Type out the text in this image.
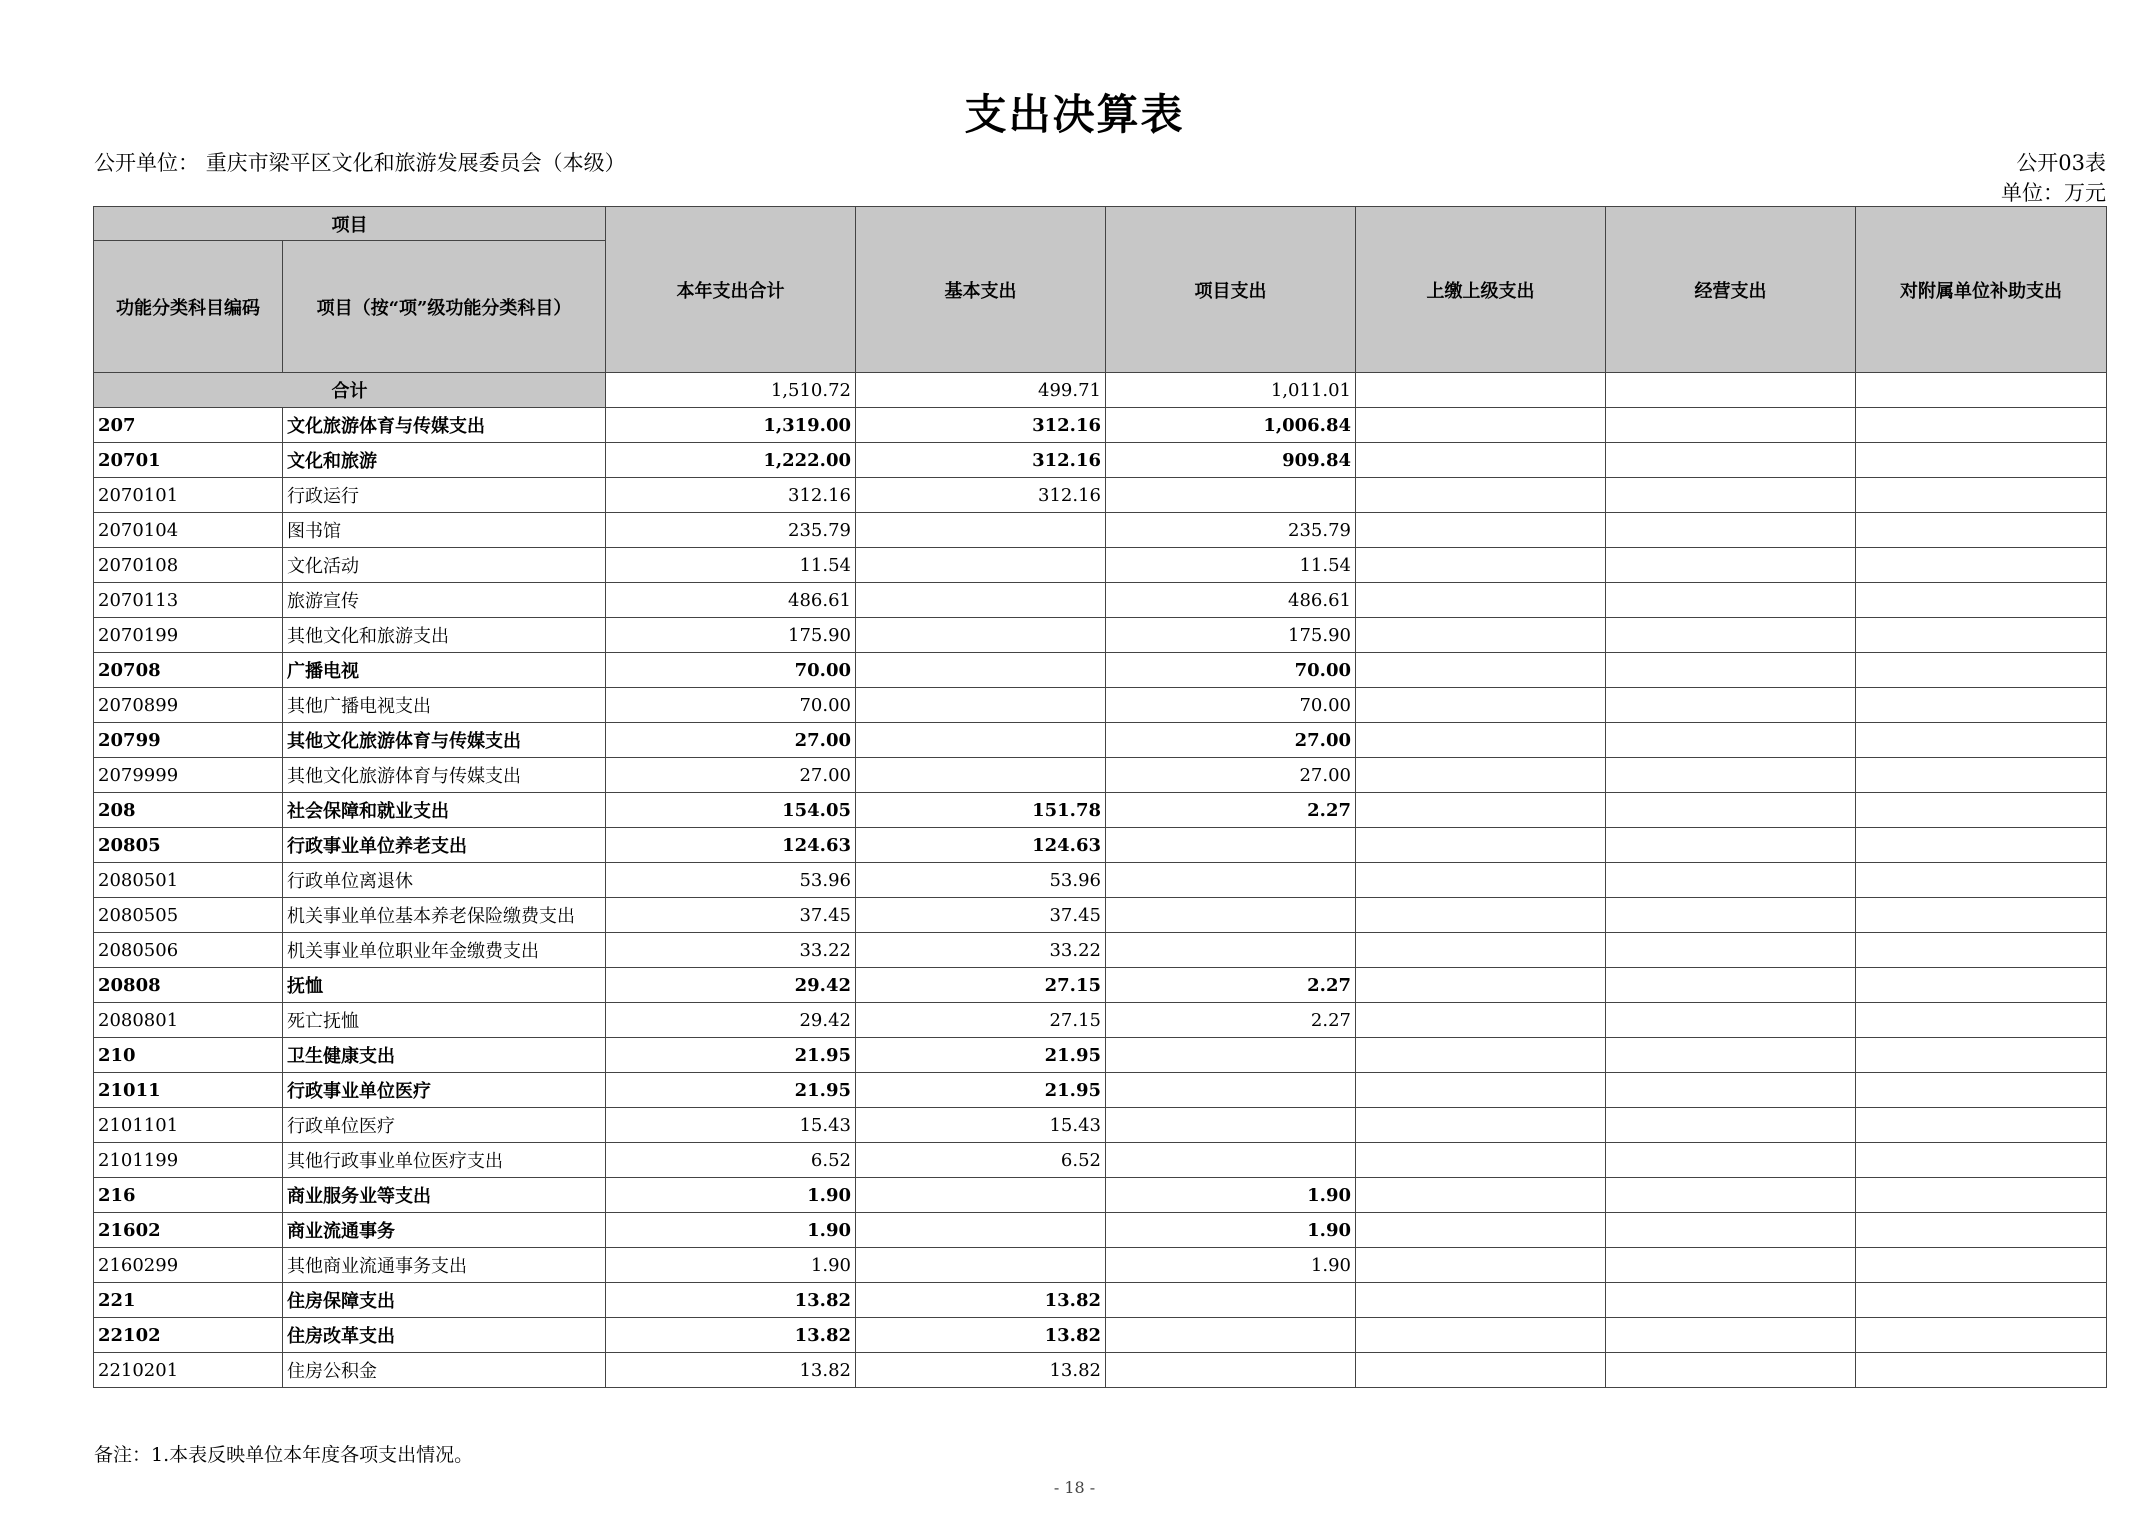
支出决算表
公开单位： 重庆市梁平区文化和旅游发展委员会（本级）	公开03表
单位：万元
项目		本年支出合计	基本支出	项目支出	上缴上级支出	经营支出	对附属单位补助支出
功能分类科目编码	项目（按“项”级功能分类科目）						
合计		1,510.72	499.71	1,011.01			
207	文化旅游体育与传媒支出	1,319.00	312.16	1,006.84			
20701	文化和旅游	1,222.00	312.16	909.84			
2070101	行政运行	312.16	312.16				
2070104	图书馆	235.79		235.79			
2070108	文化活动	11.54		11.54			
2070113	旅游宣传	486.61		486.61			
2070199	其他文化和旅游支出	175.90		175.90			
20708	广播电视	70.00		70.00			
2070899	其他广播电视支出	70.00		70.00			
20799	其他文化旅游体育与传媒支出	27.00		27.00			
2079999	其他文化旅游体育与传媒支出	27.00		27.00			
208	社会保障和就业支出	154.05	151.78	2.27			
20805	行政事业单位养老支出	124.63	124.63				
2080501	行政单位离退休	53.96	53.96				
2080505	机关事业单位基本养老保险缴费支出	37.45	37.45				
2080506	机关事业单位职业年金缴费支出	33.22	33.22				
20808	抚恤	29.42	27.15	2.27			
2080801	死亡抚恤	29.42	27.15	2.27			
210	卫生健康支出	21.95	21.95				
21011	行政事业单位医疗	21.95	21.95				
2101101	行政单位医疗	15.43	15.43				
2101199	其他行政事业单位医疗支出	6.52	6.52				
216	商业服务业等支出	1.90		1.90			
21602	商业流通事务	1.90		1.90			
2160299	其他商业流通事务支出	1.90		1.90			
221	住房保障支出	13.82	13.82				
22102	住房改革支出	13.82	13.82				
2210201	住房公积金	13.82	13.82				
备注：1.本表反映单位本年度各项支出情况。
- 18 -
